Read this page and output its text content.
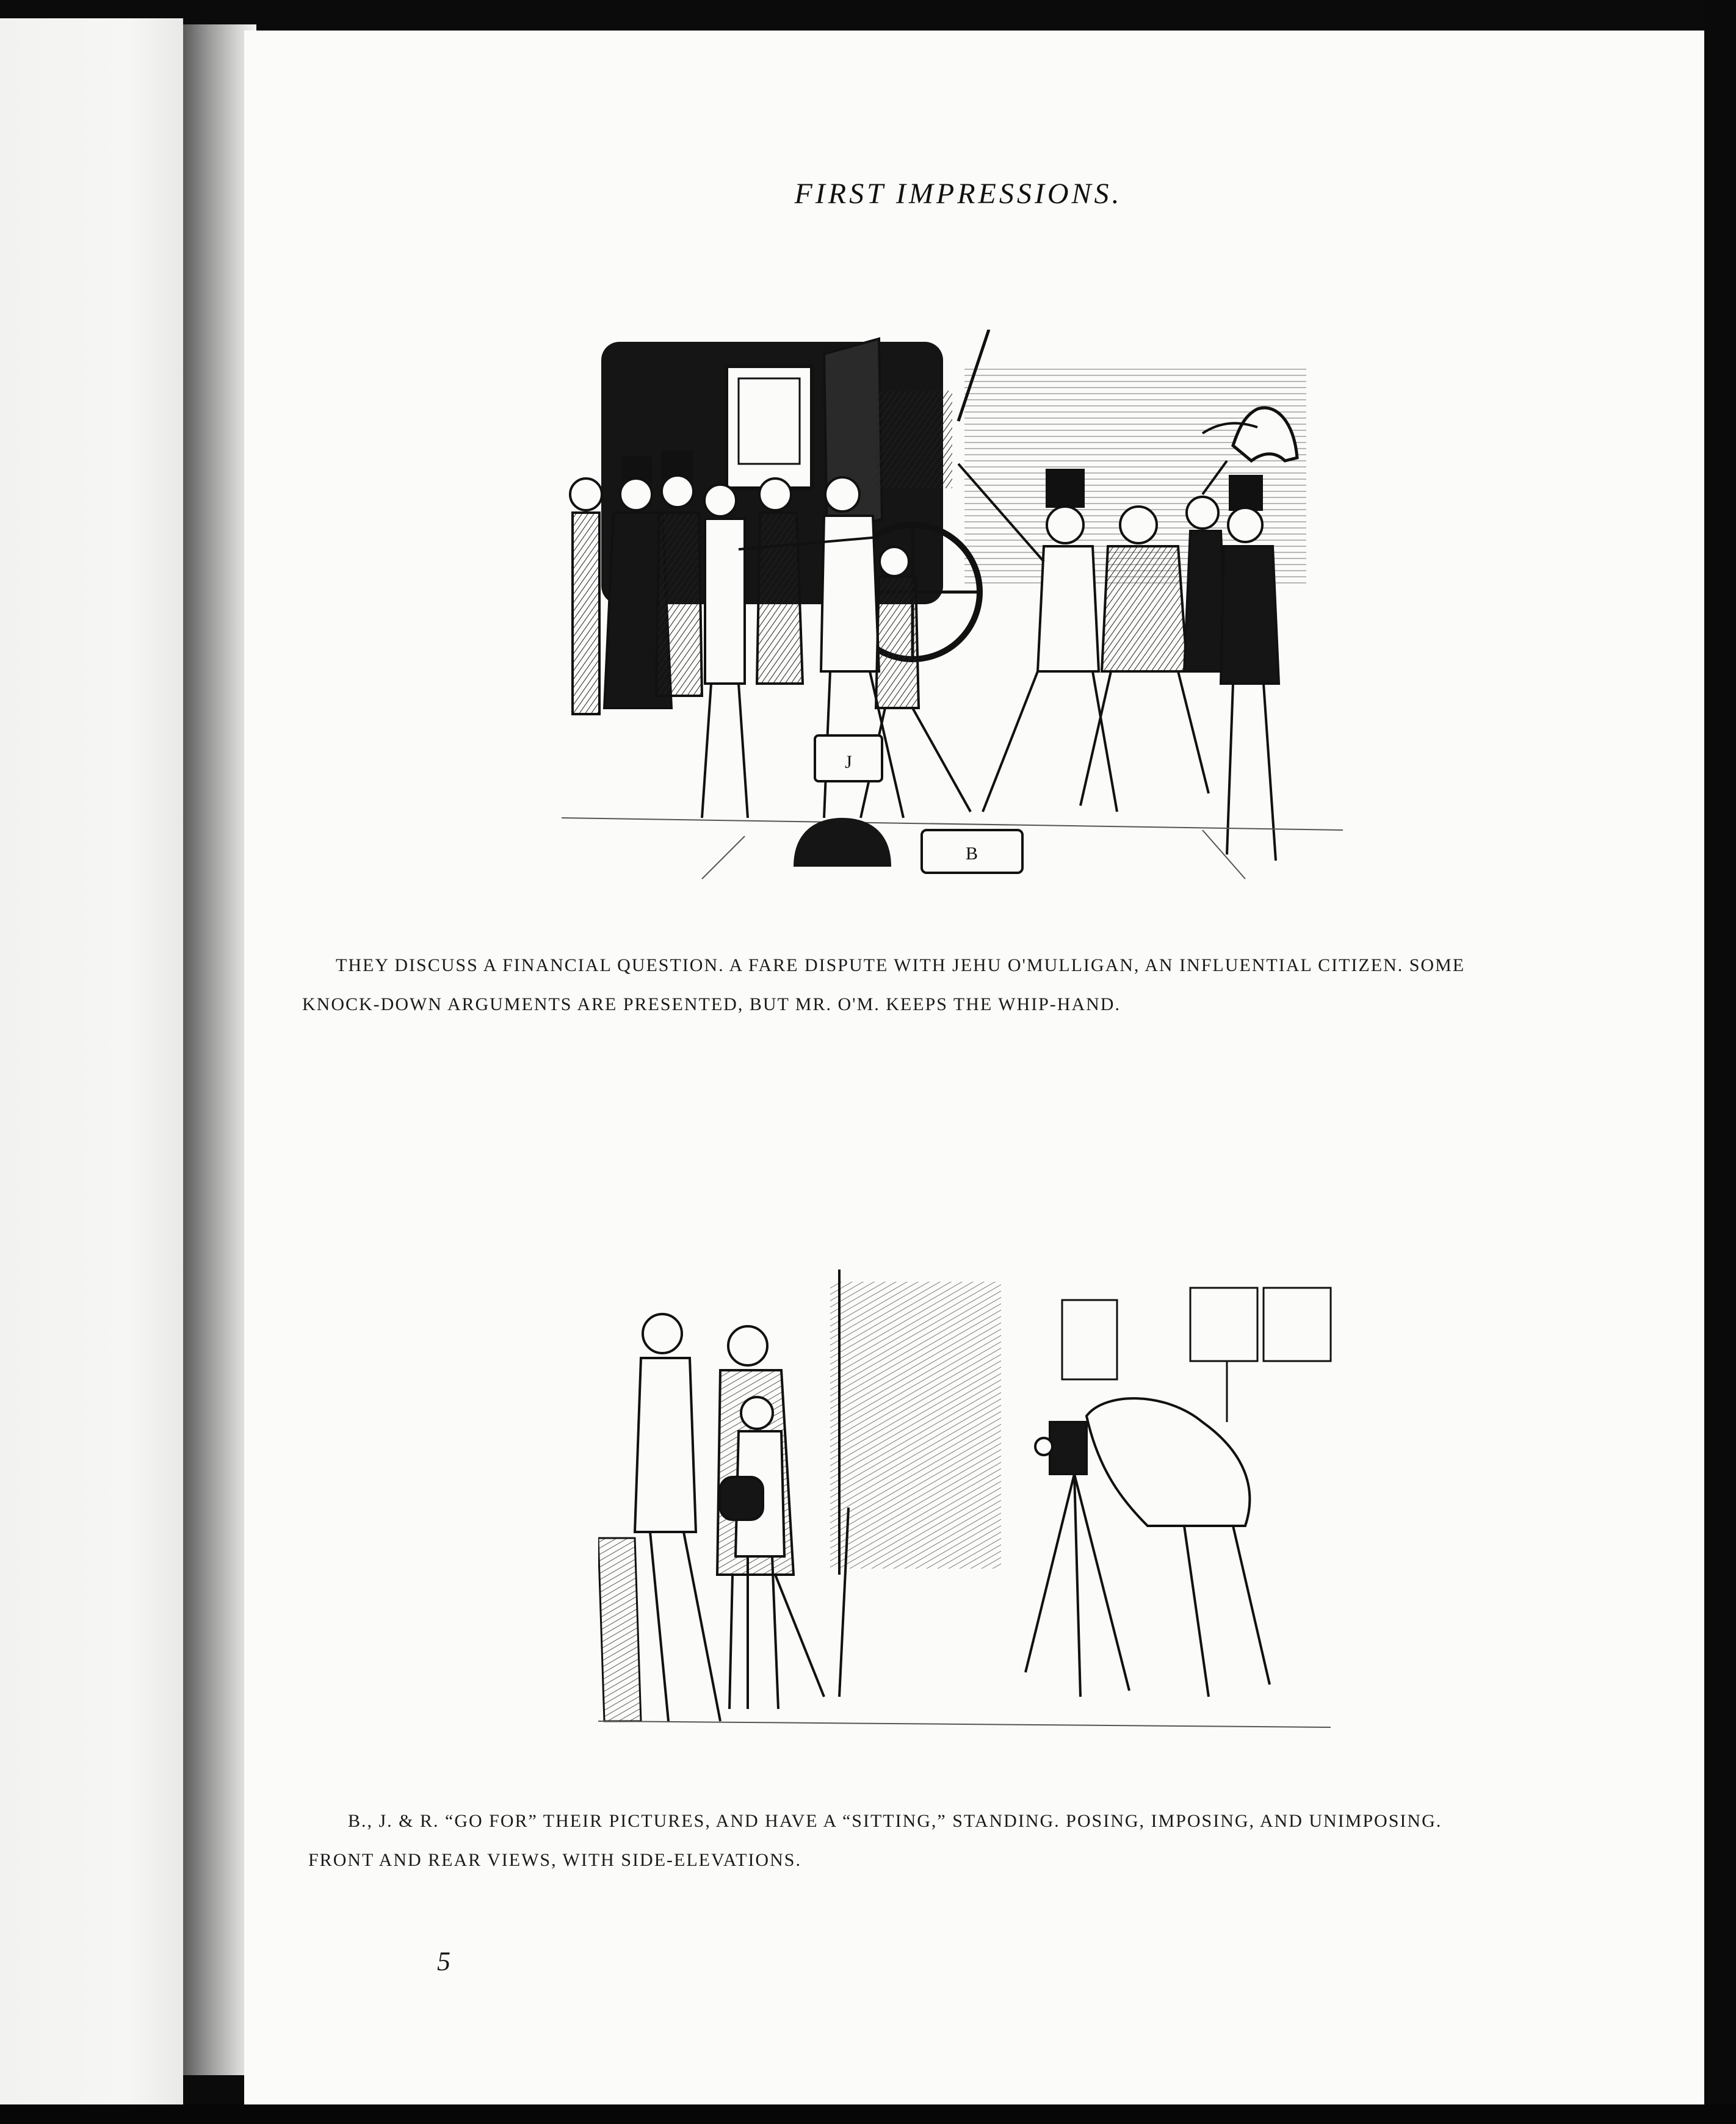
FIRST IMPRESSIONS.
J
B
THEY DISCUSS A FINANCIAL QUESTION. A FARE DISPUTE WITH JEHU O'MULLIGAN, AN INFLUENTIAL CITIZEN. SOME
KNOCK-DOWN ARGUMENTS ARE PRESENTED, BUT MR. O'M. KEEPS THE WHIP-HAND.
B., J. & R. “GO FOR” THEIR PICTURES, AND HAVE A “SITTING,” STANDING. POSING, IMPOSING, AND UNIMPOSING.
FRONT AND REAR VIEWS, WITH SIDE-ELEVATIONS.
5
